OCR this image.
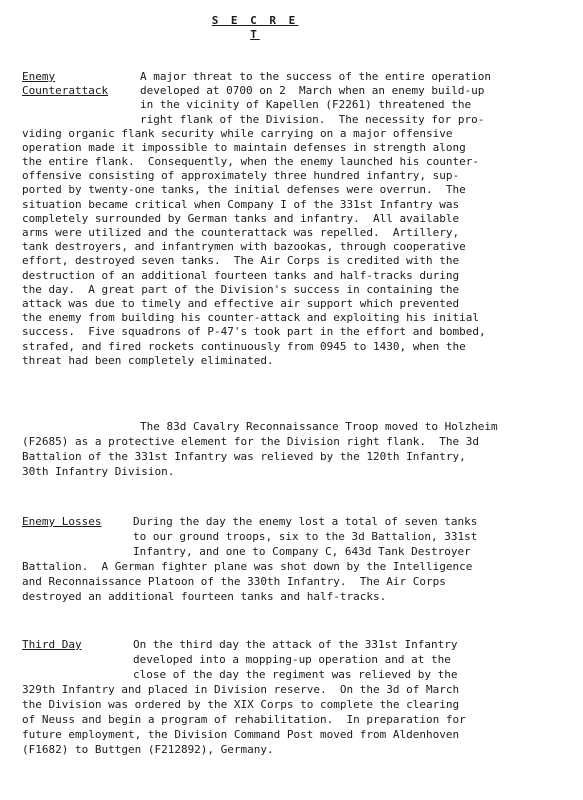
S E C R E T
Enemy
Counterattack
A major threat to the success of the entire operation
developed at 0700 on 2  March when an enemy build-up
in the vicinity of Kapellen (F2261) threatened the
right flank of the Division.  The necessity for pro-
viding organic flank security while carrying on a major offensive
operation made it impossible to maintain defenses in strength along
the entire flank.  Consequently, when the enemy launched his counter-
offensive consisting of approximately three hundred infantry, sup-
ported by twenty-one tanks, the initial defenses were overrun.  The
situation became critical when Company I of the 331st Infantry was
completely surrounded by German tanks and infantry.  All available
arms were utilized and the counterattack was repelled.  Artillery,
tank destroyers, and infantrymen with bazookas, through cooperative
effort, destroyed seven tanks.  The Air Corps is credited with the
destruction of an additional fourteen tanks and half-tracks during
the day.  A great part of the Division's success in containing the
attack was due to timely and effective air support which prevented
the enemy from building his counter-attack and exploiting his initial
success.  Five squadrons of P-47's took part in the effort and bombed,
strafed, and fired rockets continuously from 0945 to 1430, when the
threat had been completely eliminated.
The 83d Cavalry Reconnaissance Troop moved to Holzheim
(F2685) as a protective element for the Division right flank.  The 3d
Battalion of the 331st Infantry was relieved by the 120th Infantry,
30th Infantry Division.
Enemy Losses	During the day the enemy lost a total of seven tanks
to our ground troops, six to the 3d Battalion, 331st
Infantry, and one to Company C, 643d Tank Destroyer
Battalion.  A German fighter plane was shot down by the Intelligence
and Reconnaissance Platoon of the 330th Infantry.  The Air Corps
destroyed an additional fourteen tanks and half-tracks.
Third Day	On the third day the attack of the 331st Infantry
developed into a mopping-up operation and at the
close of the day the regiment was relieved by the
329th Infantry and placed in Division reserve.  On the 3d of March
the Division was ordered by the XIX Corps to complete the clearing
of Neuss and begin a program of rehabilitation.  In preparation for
future employment, the Division Command Post moved from Aldenhoven
(F1682) to Buttgen (F212892), Germany.
